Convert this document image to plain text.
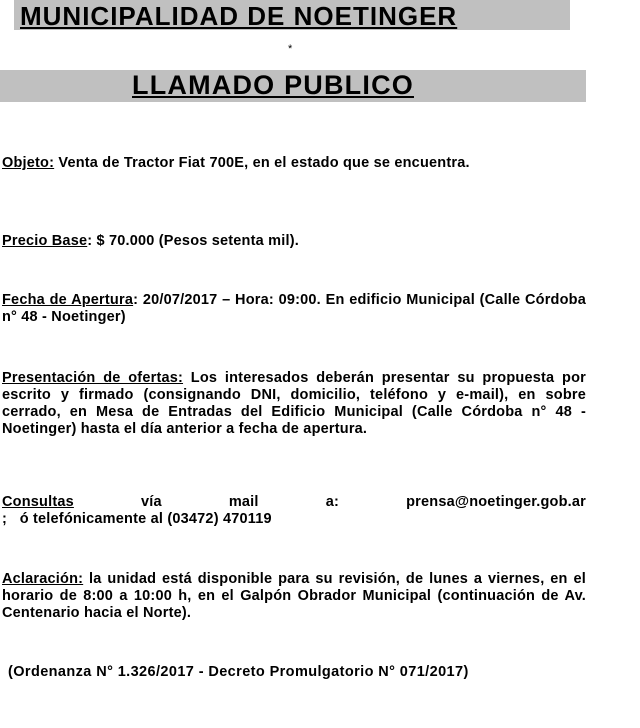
MUNICIPALIDAD DE NOETINGER
*
LLAMADO PUBLICO
Objeto: Venta de Tractor Fiat 700E, en el estado que se encuentra.
Precio Base: $ 70.000 (Pesos setenta mil).
Fecha de Apertura: 20/07/2017 – Hora: 09:00. En edificio Municipal (Calle Córdoba n° 48 - Noetinger)
Presentación de ofertas: Los interesados deberán presentar su propuesta por escrito y firmado (consignando DNI, domicilio, teléfono y e-mail), en sobre cerrado, en Mesa de Entradas del Edificio Municipal (Calle Córdoba n° 48 - Noetinger) hasta el día anterior a fecha de apertura.
Consultas	vía	mail	a:	prensa@noetinger.gob.ar
;   ó telefónicamente al (03472) 470119
Aclaración: la unidad está disponible para su revisión, de lunes a viernes, en el horario de 8:00 a 10:00 h, en el Galpón Obrador Municipal (continuación de Av. Centenario hacia el Norte).
(Ordenanza N° 1.326/2017 - Decreto Promulgatorio N° 071/2017)
